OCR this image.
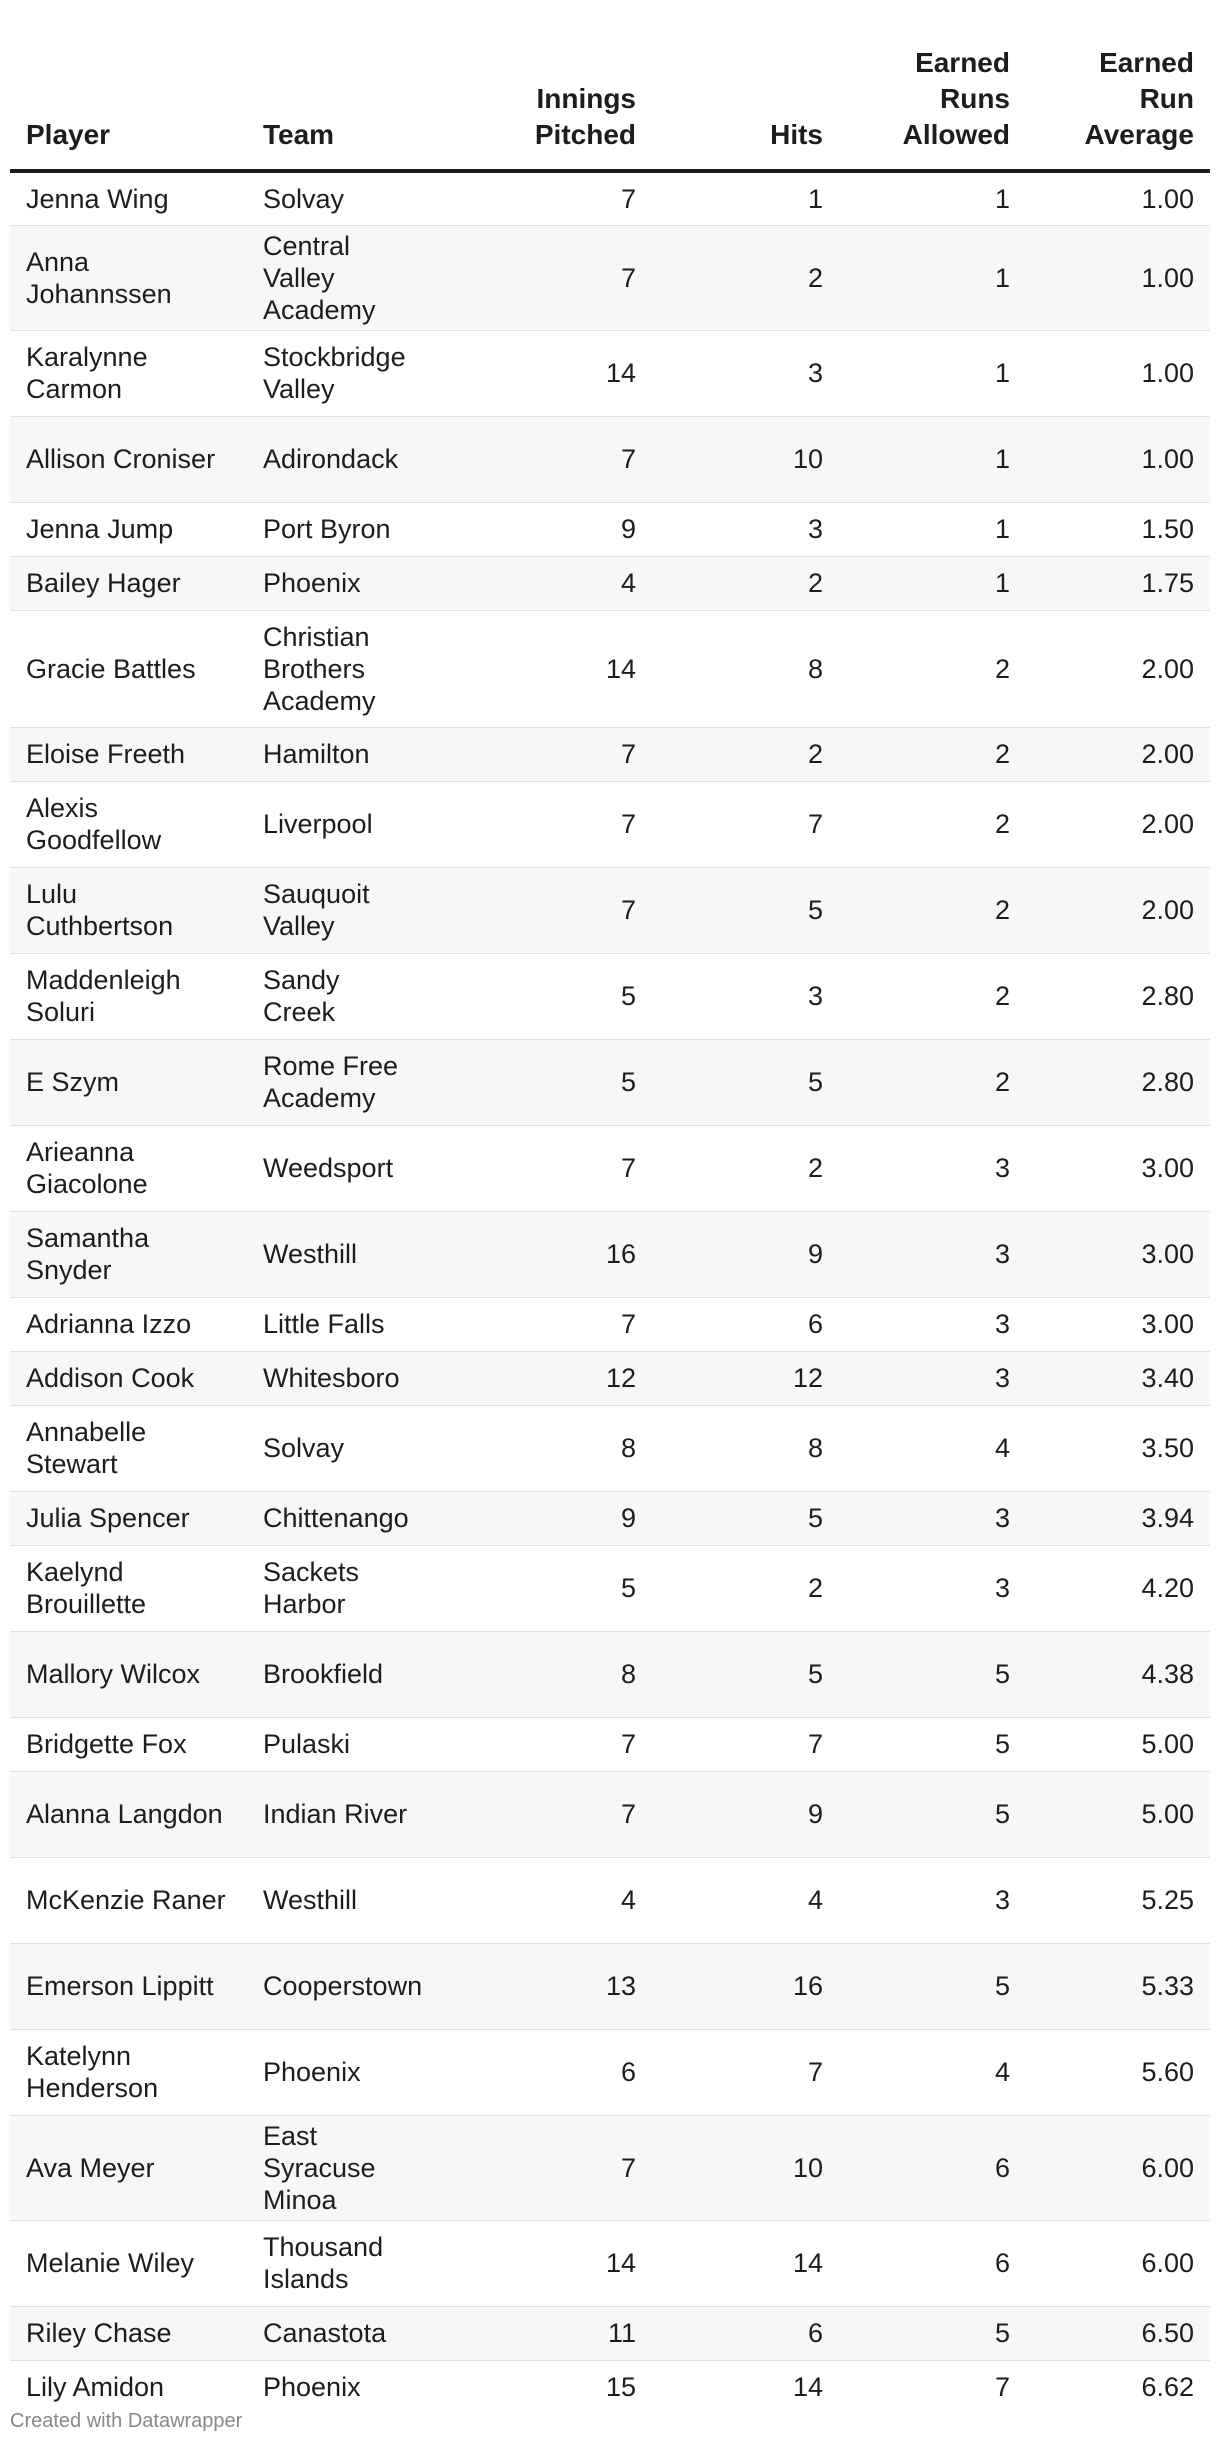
Player	Team	Innings Pitched	Hits	Earned Runs Allowed	Earned Run Average
Jenna Wing	Solvay	7	1	1	1.00
Anna Johannssen	Central Valley Academy	7	2	1	1.00
Karalynne Carmon	Stockbridge Valley	14	3	1	1.00
Allison Croniser	Adirondack	7	10	1	1.00
Jenna Jump	Port Byron	9	3	1	1.50
Bailey Hager	Phoenix	4	2	1	1.75
Gracie Battles	Christian Brothers Academy	14	8	2	2.00
Eloise Freeth	Hamilton	7	2	2	2.00
Alexis Goodfellow	Liverpool	7	7	2	2.00
Lulu Cuthbertson	Sauquoit Valley	7	5	2	2.00
Maddenleigh Soluri	Sandy Creek	5	3	2	2.80
E Szym	Rome Free Academy	5	5	2	2.80
Arieanna Giacolone	Weedsport	7	2	3	3.00
Samantha Snyder	Westhill	16	9	3	3.00
Adrianna Izzo	Little Falls	7	6	3	3.00
Addison Cook	Whitesboro	12	12	3	3.40
Annabelle Stewart	Solvay	8	8	4	3.50
Julia Spencer	Chittenango	9	5	3	3.94
Kaelynd Brouillette	Sackets Harbor	5	2	3	4.20
Mallory Wilcox	Brookfield	8	5	5	4.38
Bridgette Fox	Pulaski	7	7	5	5.00
Alanna Langdon	Indian River	7	9	5	5.00
McKenzie Raner	Westhill	4	4	3	5.25
Emerson Lippitt	Cooperstown	13	16	5	5.33
Katelynn Henderson	Phoenix	6	7	4	5.60
Ava Meyer	East Syracuse Minoa	7	10	6	6.00
Melanie Wiley	Thousand Islands	14	14	6	6.00
Riley Chase	Canastota	11	6	5	6.50
Lily Amidon	Phoenix	15	14	7	6.62
Created with Datawrapper
